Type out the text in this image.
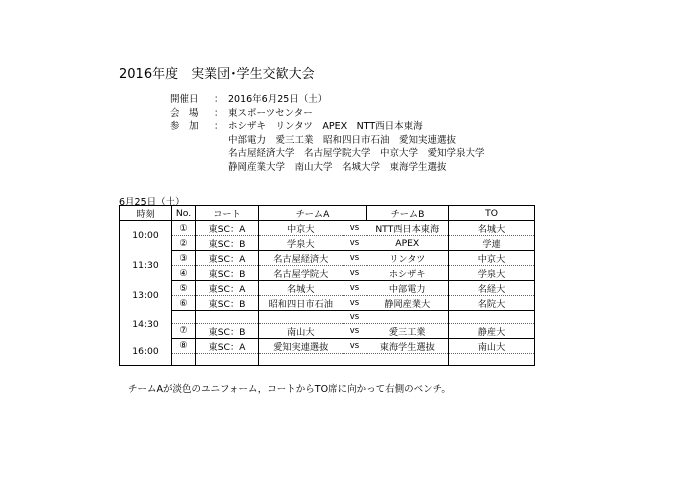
2016年度　実業団･学生交歓大会
開催日	： 2016年6月25日（土）
会　場	： 東スポーツセンター
参　加	： ホシザキ　リンタツ　APEX　NTT西日本東海
中部電力　愛三工業　昭和四日市石油　愛知実連選抜
名古屋経済大学　名古屋学院大学　中京大学　愛知学泉大学
静岡産業大学　南山大学　名城大学　東海学生選抜
6月25日（土）
時刻	No.	コート	チームA		チームB	TO
10:00	①	東SC：A	中京大	vs	NTT西日本東海	名城大
	②	東SC：B	学泉大	vs	APEX	学連
11:30	③	東SC：A	名古屋経済大	vs	リンタツ	中京大
	④	東SC：B	名古屋学院大	vs	ホシザキ	学泉大
13:00	⑤	東SC：A	名城大	vs	中部電力	名経大
	⑥	東SC：B	昭和四日市石油	vs	静岡産業大	名院大
14:30				vs		
	⑦	東SC：B	南山大	vs	愛三工業	静産大
16:00	⑧	東SC：A	愛知実連選抜	vs	東海学生選抜	南山大

チームAが淡色のユニフォーム，コートからTO席に向かって右側のベンチ。
